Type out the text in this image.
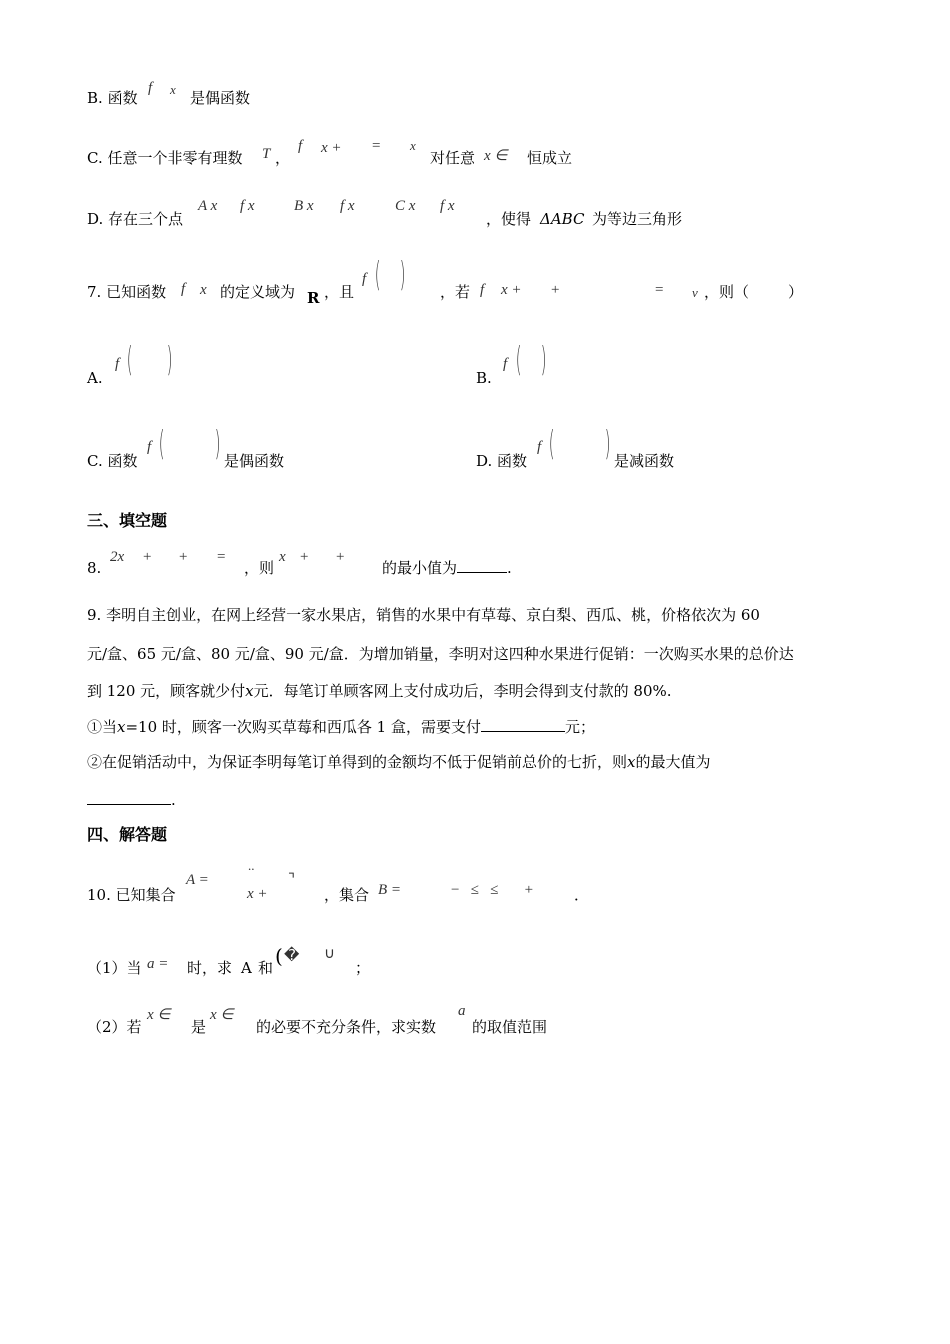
B. 函数
f x 是偶函数
C. 任意一个非零有理数 T ，
f x + = x
对任意 x ∈ 恒成立
D. 存在三个点
A x f x	B x f x	C x f x
，使得 ΔABC 为等边三角形
7. 已知函数 f x 的定义域为 R ，且
f ( ) ，若 f x + +	= v ，则（	）
A.
f ( )	B.
f ( )
C. 函数
f ( ) 是偶函数	D. 函数
f ( ) 是减函数
三、填空题
8.
2x + + =
，则
x + +
的最小值为	.
9. 李明自主创业，在网上经营一家水果店，销售的水果中有草莓、京白梨、西瓜、桃，价格依次为 60
元/盒、65 元/盒、80 元/盒、90 元/盒．为增加销量，李明对这四种水果进行促销：一次购买水果的总价达
到 120 元，顾客就少付x元．每笔订单顾客网上支付成功后，李明会得到支付款的 80%.
①当x=10 时，顾客一次购买草莓和西瓜各 1 盒，需要支付	元；
②在促销活动中，为保证李明每笔订单得到的金额均不低于促销前总价的七折，则x的最大值为
.
四、解答题
10. 已知集合
A =
..
x +
⌝
，集合 B =	−   ≤   ≤       +	．
（1）当 a = 时，求 A 和 ( � ∪
；
（2）若
x ∈
是
x ∈
的必要不充分条件，求实数
a
的取值范围
